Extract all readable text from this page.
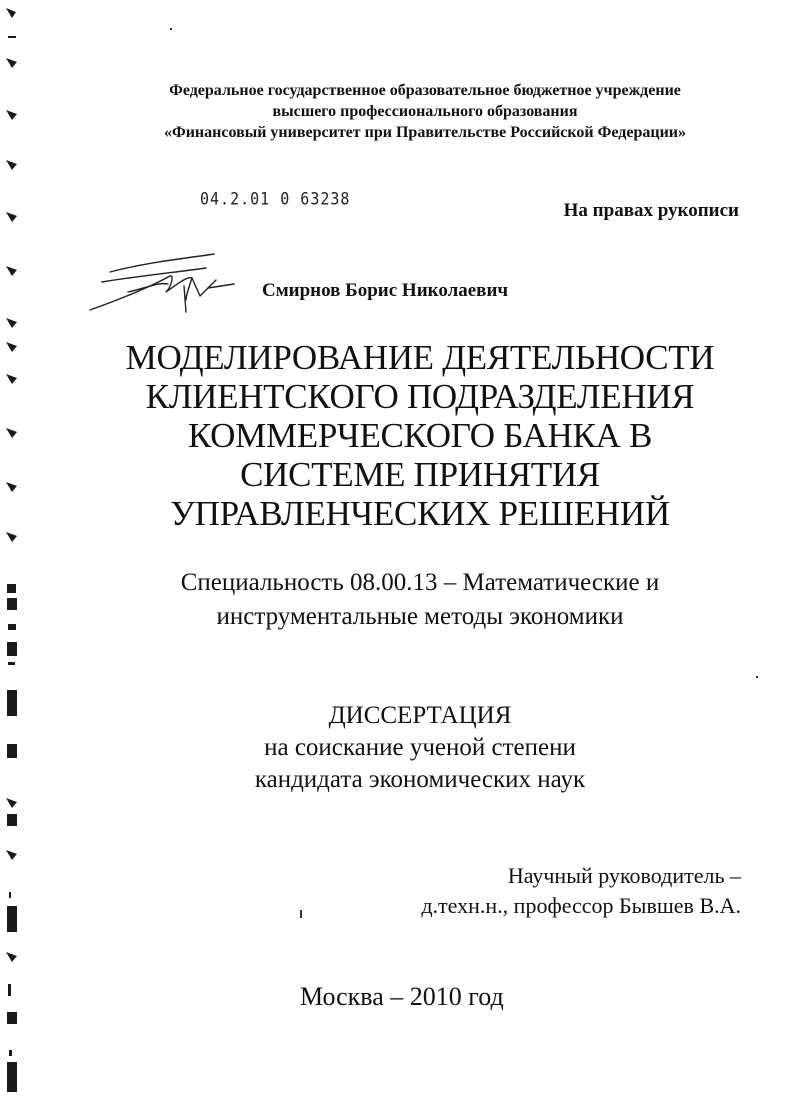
Федеральное государственное образовательное бюджетное учреждение
высшего профессионального образования
«Финансовый университет при Правительстве Российской Федерации»
04.2.01 0 63238
На правах рукописи
Смирнов Борис Николаевич
МОДЕЛИРОВАНИЕ ДЕЯТЕЛЬНОСТИ
КЛИЕНТСКОГО ПОДРАЗДЕЛЕНИЯ
КОММЕРЧЕСКОГО БАНКА В
СИСТЕМЕ ПРИНЯТИЯ
УПРАВЛЕНЧЕСКИХ РЕШЕНИЙ
Специальность 08.00.13 – Математические и
инструментальные методы экономики
ДИССЕРТАЦИЯ
на соискание ученой степени
кандидата экономических наук
Научный руководитель –
д.техн.н., профессор Бывшев В.А.
Москва – 2010 год
